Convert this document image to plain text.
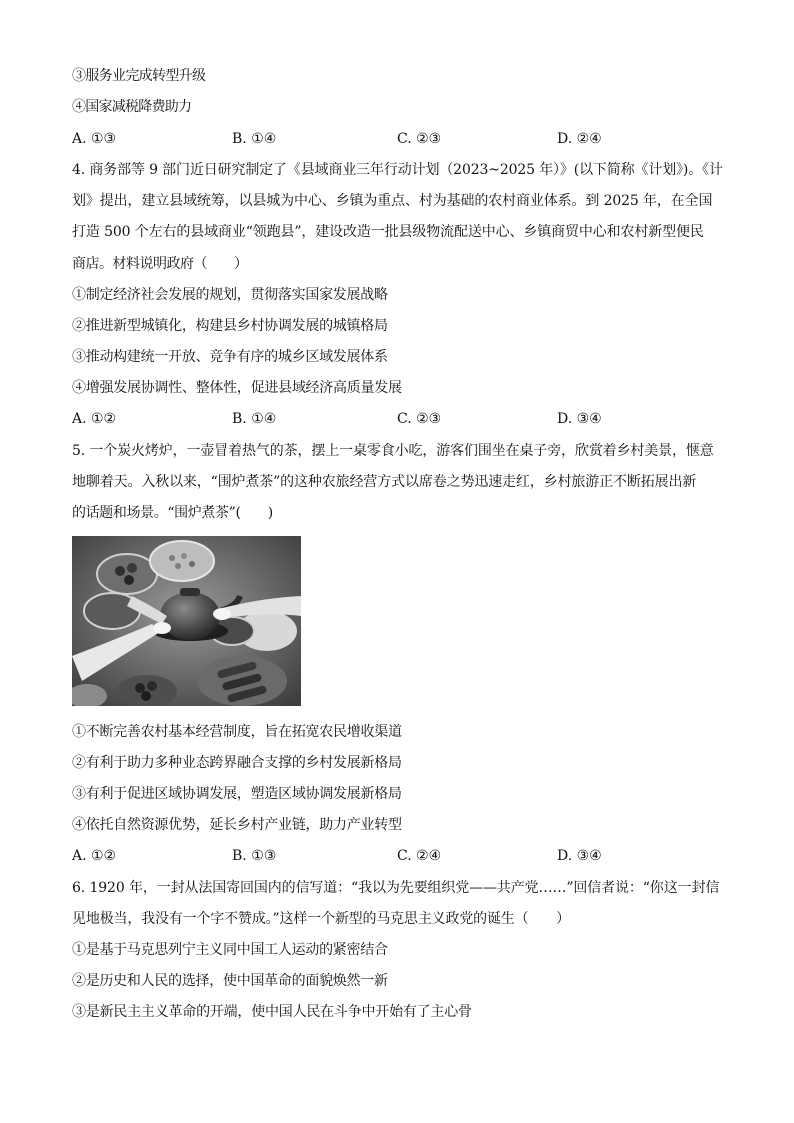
③服务业完成转型升级
④国家减税降费助力
A. ①③	B. ①④	C. ②③	D. ②④
4. 商务部等 9 部门近日研究制定了《县域商业三年行动计划（2023~2025 年）》(以下简称《计划》)。《计
划》提出，建立县域统筹，以县城为中心、乡镇为重点、村为基础的农村商业体系。到 2025 年，在全国
打造 500 个左右的县域商业“领跑县”，建设改造一批县级物流配送中心、乡镇商贸中心和农村新型便民
商店。材料说明政府（　　）
①制定经济社会发展的规划，贯彻落实国家发展战略
②推进新型城镇化，构建县乡村协调发展的城镇格局
③推动构建统一开放、竞争有序的城乡区域发展体系
④增强发展协调性、整体性，促进县域经济高质量发展
A. ①②	B. ①④	C. ②③	D. ③④
5. 一个炭火烤炉，一壶冒着热气的茶，摆上一桌零食小吃，游客们围坐在桌子旁，欣赏着乡村美景，惬意
地聊着天。入秋以来，“围炉煮茶”的这种农旅经营方式以席卷之势迅速走红，乡村旅游正不断拓展出新
的话题和场景。“围炉煮茶”(　　)
①不断完善农村基本经营制度，旨在拓宽农民增收渠道
②有利于助力多种业态跨界融合支撑的乡村发展新格局
③有利于促进区域协调发展，塑造区域协调发展新格局
④依托自然资源优势，延长乡村产业链，助力产业转型
A. ①②	B. ①③	C. ②④	D. ③④
6. 1920 年，一封从法国寄回国内的信写道：“我以为先要组织党——共产党……”回信者说：“你这一封信
见地极当，我没有一个字不赞成。”这样一个新型的马克思主义政党的诞生（　　）
①是基于马克思列宁主义同中国工人运动的紧密结合
②是历史和人民的选择，使中国革命的面貌焕然一新
③是新民主主义革命的开端，使中国人民在斗争中开始有了主心骨
